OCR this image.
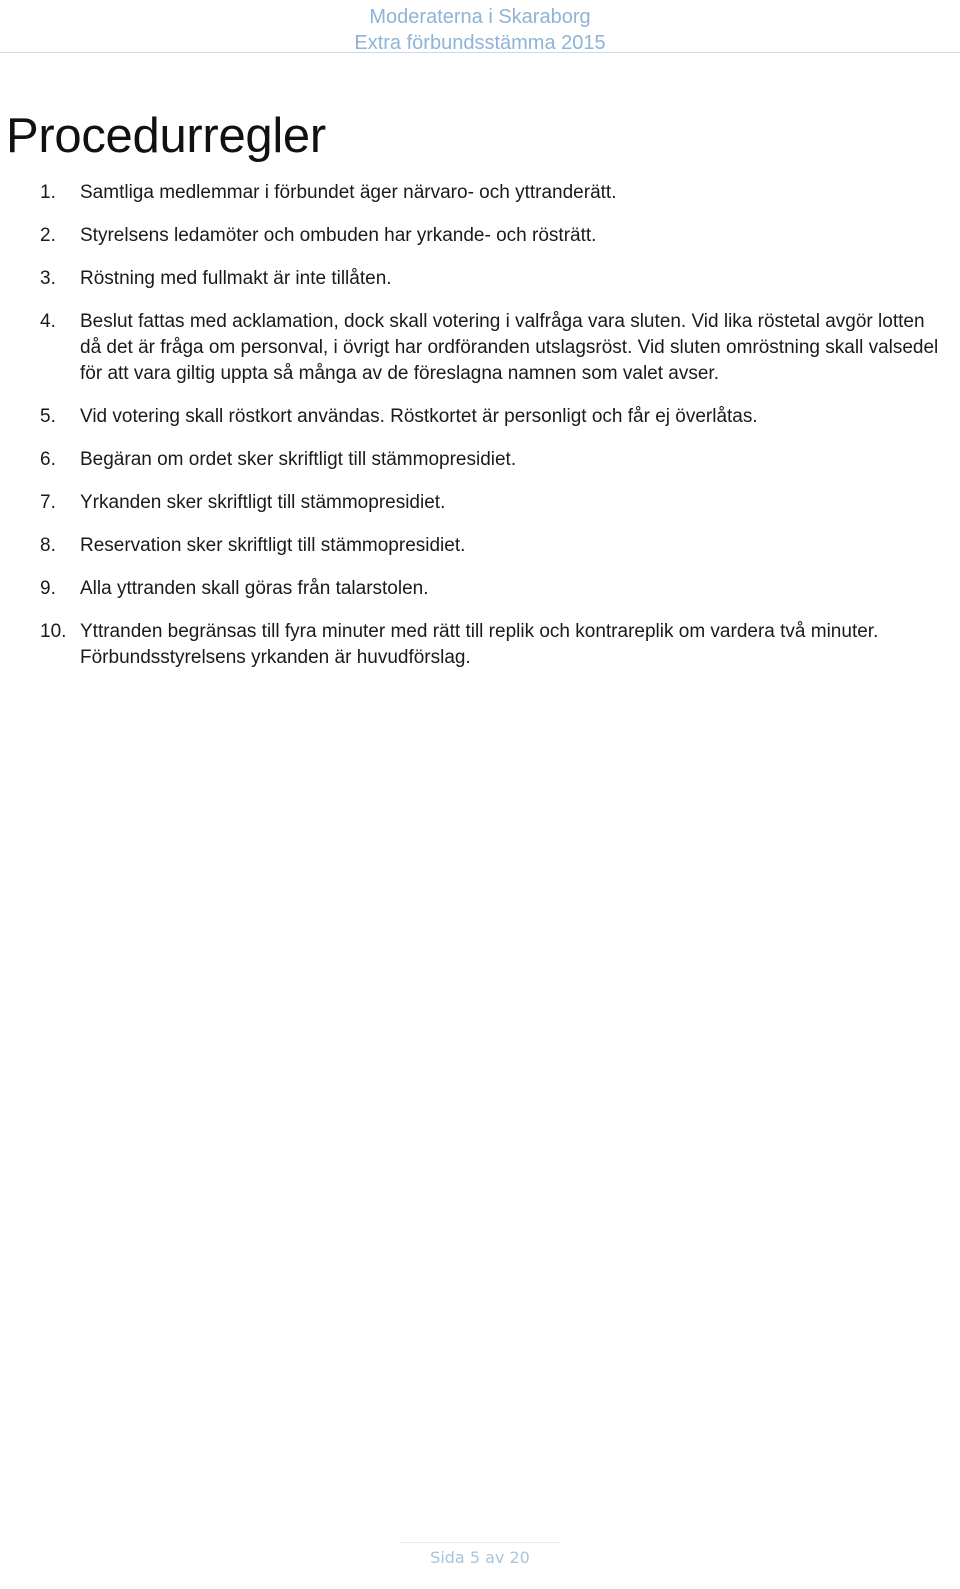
Moderaterna i Skaraborg
Extra förbundsstämma 2015
Procedurregler
1.	Samtliga medlemmar i förbundet äger närvaro- och yttranderätt.
2.	Styrelsens ledamöter och ombuden har yrkande- och rösträtt.
3.	Röstning med fullmakt är inte tillåten.
4.	Beslut fattas med acklamation, dock skall votering i valfråga vara sluten. Vid lika röstetal avgör lotten då det är fråga om personval, i övrigt har ordföranden utslagsröst. Vid sluten omröstning skall valsedel för att vara giltig uppta så många av de föreslagna namnen som valet avser.
5.	Vid votering skall röstkort användas. Röstkortet är personligt och får ej överlåtas.
6.	Begäran om ordet sker skriftligt till stämmopresidiet.
7.	Yrkanden sker skriftligt till stämmopresidiet.
8.	Reservation sker skriftligt till stämmopresidiet.
9.	Alla yttranden skall göras från talarstolen.
10. Yttranden begränsas till fyra minuter med rätt till replik och kontrareplik om vardera två minuter. Förbundsstyrelsens yrkanden är huvudförslag.
Sida 5 av 20
